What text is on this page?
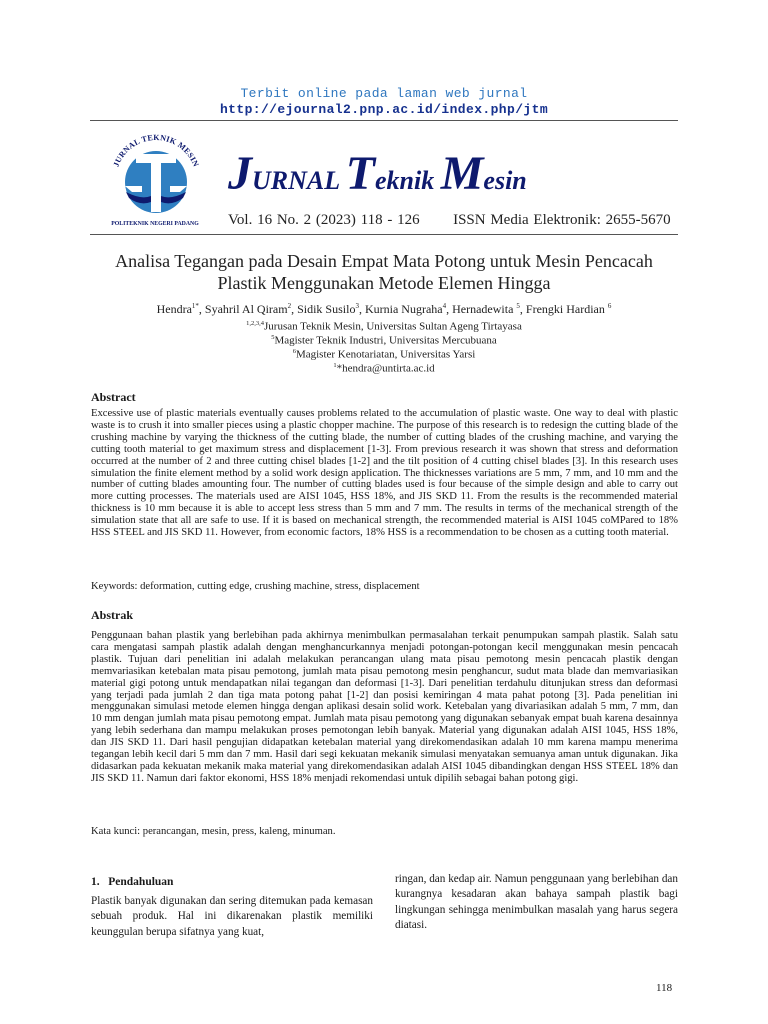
Terbit online pada laman web jurnal
http://ejournal2.pnp.ac.id/index.php/jtm
JURNAL TEKNIK MESIN
POLITEKNIK NEGERI PADANG
JURNAL Teknik Mesin
Vol. 16 No. 2 (2023) 118 - 126 ISSN Media Elektronik: 2655-5670
Analisa Tegangan pada Desain Empat Mata Potong untuk Mesin Pencacah
Plastik Menggunakan Metode Elemen Hingga
Hendra$^{1*}$, Syahril Al Qiram$^2$, Sidik Susilo$^3$, Kurnia Nugraha$^4$, Hernadewita $^5$, Frengki Hardian $^6$
$^{1,2,3,4}$Jurusan Teknik Mesin, Universitas Sultan Ageng Tirtayasa
$^5$Magister Teknik Industri, Universitas Mercubuana
$^6$Magister Kenotariatan, Universitas Yarsi
$^1$*hendra@untirta.ac.id
Abstract

Excessive use of plastic materials eventually causes problems related to the accumulation of plastic waste. One way to deal with plastic waste is to crush it into smaller pieces using a plastic chopper machine. The purpose of this research is to redesign the cutting blade of the crushing machine by varying the thickness of the cutting blade, the number of cutting blades of the crushing machine, and varying the cutting tooth material to get maximum stress and displacement [1-3]. From previous research it was shown that stress and deformation occurred at the number of 2 and three cutting chisel blades [1-2] and the tilt position of 4 cutting chisel blades [3]. In this research uses simulation the finite element method by a solid work design application. The thicknesses variations are 5 mm, 7 mm, and 10 mm and the number of cutting blades amounting four. The number of cutting blades used is four because of the simple design and able to carry out more cutting processes. The materials used are AISI 1045, HSS 18%, and JIS SKD 11. From the results is the recommended material thickness is 10 mm because it is able to accept less stress than 5 mm and 7 mm. The results in terms of the mechanical strength of the simulation state that all are safe to use. If it is based on mechanical strength, the recommended material is AISI 1045 coMPared to 18% HSS STEEL and JIS SKD 11. However, from economic factors, 18% HSS is a recommendation to be chosen as a cutting tooth material.

Keywords: deformation, cutting edge, crushing machine, stress, displacement
Abstrak

Penggunaan bahan plastik yang berlebihan pada akhirnya menimbulkan permasalahan terkait penumpukan sampah plastik. Salah satu cara mengatasi sampah plastik adalah dengan menghancurkannya menjadi potongan-potongan kecil menggunakan mesin pencacah plastik. Tujuan dari penelitian ini adalah melakukan perancangan ulang mata pisau pemotong mesin pencacah plastik dengan memvariasikan ketebalan mata pisau pemotong, jumlah mata pisau pemotong mesin penghancur, sudut mata blade dan memvariasikan material gigi potong untuk mendapatkan nilai tegangan dan deformasi [1-3]. Dari penelitian terdahulu ditunjukan stress dan deformasi yang terjadi pada jumlah 2 dan tiga mata potong pahat [1-2] dan posisi kemiringan 4 mata pahat potong [3]. Pada penelitian ini menggunakan simulasi metode elemen hingga dengan aplikasi desain solid work. Ketebalan yang divariasikan adalah 5 mm, 7 mm, dan 10 mm dengan jumlah mata pisau pemotong empat. Jumlah mata pisau pemotong yang digunakan sebanyak empat buah karena desainnya yang lebih sederhana dan mampu melakukan proses pemotongan lebih banyak. Material yang digunakan adalah AISI 1045, HSS 18%, dan JIS SKD 11. Dari hasil pengujian didapatkan ketebalan material yang direkomendasikan adalah 10 mm karena mampu menerima tegangan lebih kecil dari 5 mm dan 7 mm. Hasil dari segi kekuatan mekanik simulasi menyatakan semuanya aman untuk digunakan. Jika didasarkan pada kekuatan mekanik maka material yang direkomendasikan adalah AISI 1045 dibandingkan dengan HSS STEEL 18% dan JIS SKD 11. Namun dari faktor ekonomi, HSS 18% menjadi rekomendasi untuk dipilih sebagai bahan potong gigi.

Kata kunci: perancangan, mesin, press, kaleng, minuman.
1.   Pendahuluan

Plastik banyak digunakan dan sering ditemukan pada kemasan sebuah produk. Hal ini dikarenakan plastik memiliki keunggulan berupa sifatnya yang kuat,

ringan, dan kedap air. Namun penggunaan yang berlebihan dan kurangnya kesadaran akan bahaya sampah plastik bagi lingkungan sehingga menimbulkan masalah yang harus segera diatasi.

118
